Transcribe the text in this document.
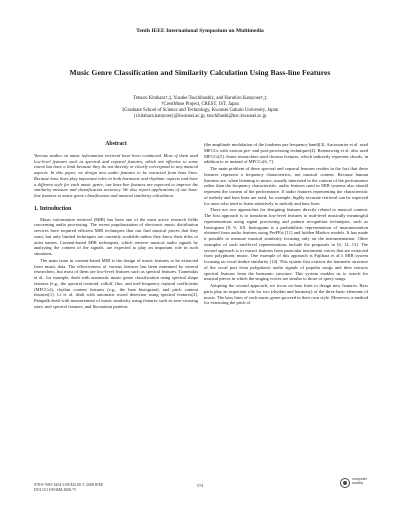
Tenth IEEE International Symposium on Multimedia
Music Genre Classification and Similarity Calculation Using Bass-line Features
Tetsuro Kitahara†,‡, Yusuke Tsuchihashi‡, and Haruhiro Katayose†,‡
†CrestMuse Project, CREST, JST, Japan
‡Graduate School of Science and Technology, Kwansei Gakuin University, Japan
{t.kitahara,katayose}@kwansei.ac.jp, tsuchihashi@ksc.kwansei.ac.jp
Abstract
Various studies on music information retrieval have been conducted. Most of them used low-level features such as spectral and cepstral features, which are effective to some extent but have a limit because they do not directly or clearly correspond to any musical aspects. In this paper, we design new audio features to be extracted from bass lines. Because bass lines play important roles in both harmonic and rhythmic aspects and have a different style for each music genre, our bass-line features are expected to improve the similarity measure and classification accuracy. We also report applications of our bass-line features to music genre classification and musical similarity calculation.
1. Introduction
Music information retrieval (MIR) has been one of the most active research fields concerning audio processing. The recent popularization of electronic music distribution services have required efficient MIR techniques that can find musical pieces that they want, but only limited techniques are currently available unless they know their titles or artist names. Content-based MIR techniques, which retrieve musical audio signals by analyzing the content of the signals, are expected to play an important role in such situations.
The main issue in content-based MIR is the design of music features to be extracted from music data. The effectiveness of various features has been examined by several researchers, but most of them are low-level features such as spectral features. Tzanetakis et al., for example, dealt with automatic music genre classification using spectral shape features (e.g., the spectral centroid, rolloff, flux, and mel-frequency cepstral coefficients (MFCCs)), rhythm content features (e.g., the beat histogram), and pitch content features[1]. Li et al. dealt with automatic mood detection using spectral features[2]. Pampalk dealt with measurement of music similarity using features such as zero-crossing rates, mel spectral features, and fluctuation patterns
(the amplitude modulation of the loudness per frequency band)[3]. Aucouturier et al. used MFCCs with various pre- and post-processing techniques[4]. Berenzweig et al. also used MFCCs[5]. Some researchers used chroma features, which indirectly represent chords, in addition to or instead of MFCCs[6, 7].
The main problem of these spectral and cepstral features resides in the fact that these features represent a frequency characteristic, not musical content. Because human listeners are, when listening to music, usually interested in the content of the performance rather than the frequency characteristic, audio features used in MIR systems also should represent the content of the performance. If audio features representing the characteristic of melody and bass lines are used, for example, highly accurate retrieval can be expected for users who tend to listen attentively to melody and bass lines.
There are two approaches for designing features directly related to musical content. The first approach is to transform low-level features to mid-level musically meaningful representations using signal processing and pattern recognition techniques, such as Instrogram [8, 9, 10]. Instrogram is a probabilistic representation of instrumentation obtained from audio features using PreFEst [11] and hidden Markov models. It has made it possible to measure musical similarity focusing only on the instrumentation. Other examples of such mid-level representations include the proposals in [6, 12, 13]. The second approach is to extract features from particular instrument voices that are extracted from polyphonic music. One example of this approach is Fujihara et al.'s MIR system focusing on vocal timbre similarity [14]. This system first extracts the harmonic structure of the vocal part from polyphonic audio signals of popular songs and then extracts spectral features from the harmonic structure. This system enables us to search for musical pieces in which the singing voices are similar to those of query songs.
Adopting the second approach, we focus on bass lines to design new features. Bass parts play an important role for two (rhythm and harmony) of the three basic elements of music. The bass lines of each music genre proceed in their own style. Moreover, a method for extracting the pitch of
978-0-7695-3454-1/08 $25.00 © 2008 IEEE
DOI 10.1109/ISM.2008.75
574
computer
society
